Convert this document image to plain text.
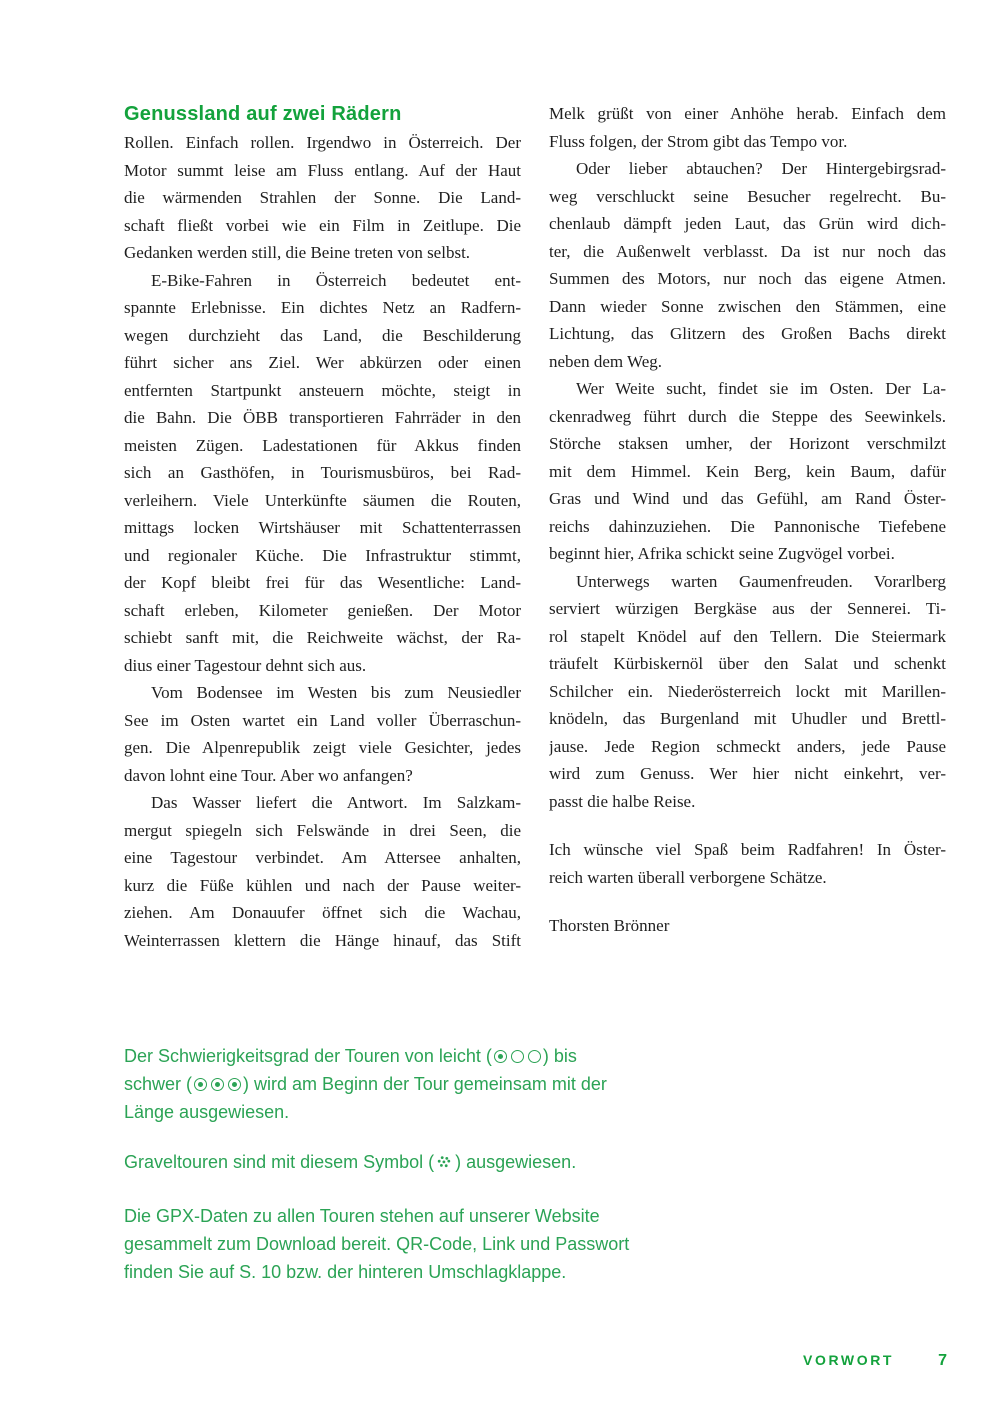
Genussland auf zwei Rädern
Rollen. Einfach rollen. Irgendwo in Österreich. Der
Motor summt leise am Fluss entlang. Auf der Haut
die wärmenden Strahlen der Sonne. Die Land-
schaft fließt vorbei wie ein Film in Zeitlupe. Die
Gedanken werden still, die Beine treten von selbst.
E-Bike-Fahren in Österreich bedeutet ent-
spannte Erlebnisse. Ein dichtes Netz an Radfern-
wegen durchzieht das Land, die Beschilderung
führt sicher ans Ziel. Wer abkürzen oder einen
entfernten Startpunkt ansteuern möchte, steigt in
die Bahn. Die ÖBB transportieren Fahrräder in den
meisten Zügen. Ladestationen für Akkus finden
sich an Gasthöfen, in Tourismusbüros, bei Rad-
verleihern. Viele Unterkünfte säumen die Routen,
mittags locken Wirtshäuser mit Schattenterrassen
und regionaler Küche. Die Infrastruktur stimmt,
der Kopf bleibt frei für das Wesentliche: Land-
schaft erleben, Kilometer genießen. Der Motor
schiebt sanft mit, die Reichweite wächst, der Ra-
dius einer Tagestour dehnt sich aus.
Vom Bodensee im Westen bis zum Neusiedler
See im Osten wartet ein Land voller Überraschun-
gen. Die Alpenrepublik zeigt viele Gesichter, jedes
davon lohnt eine Tour. Aber wo anfangen?
Das Wasser liefert die Antwort. Im Salzkam-
mergut spiegeln sich Felswände in drei Seen, die
eine Tagestour verbindet. Am Attersee anhalten,
kurz die Füße kühlen und nach der Pause weiter-
ziehen. Am Donauufer öffnet sich die Wachau,
Weinterrassen klettern die Hänge hinauf, das Stift
Melk grüßt von einer Anhöhe herab. Einfach dem
Fluss folgen, der Strom gibt das Tempo vor.
Oder lieber abtauchen? Der Hintergebirgsrad-
weg verschluckt seine Besucher regelrecht. Bu-
chenlaub dämpft jeden Laut, das Grün wird dich-
ter, die Außenwelt verblasst. Da ist nur noch das
Summen des Motors, nur noch das eigene Atmen.
Dann wieder Sonne zwischen den Stämmen, eine
Lichtung, das Glitzern des Großen Bachs direkt
neben dem Weg.
Wer Weite sucht, findet sie im Osten. Der La-
ckenradweg führt durch die Steppe des Seewinkels.
Störche staksen umher, der Horizont verschmilzt
mit dem Himmel. Kein Berg, kein Baum, dafür
Gras und Wind und das Gefühl, am Rand Öster-
reichs dahinzuziehen. Die Pannonische Tiefebene
beginnt hier, Afrika schickt seine Zugvögel vorbei.
Unterwegs warten Gaumenfreuden. Vorarlberg
serviert würzigen Bergkäse aus der Sennerei. Ti-
rol stapelt Knödel auf den Tellern. Die Steiermark
träufelt Kürbiskernöl über den Salat und schenkt
Schilcher ein. Niederösterreich lockt mit Marillen-
knödeln, das Burgenland mit Uhudler und Brettl-
jause. Jede Region schmeckt anders, jede Pause
wird zum Genuss. Wer hier nicht einkehrt, ver-
passt die halbe Reise.
Ich wünsche viel Spaß beim Radfahren! In Öster-
reich warten überall verborgene Schätze.
Thorsten Brönner
Der Schwierigkeitsgrad der Touren von leicht (	) bis
schwer (	) wird am Beginn der Tour gemeinsam mit der
Länge ausgewiesen.
Graveltouren sind mit diesem Symbol ( ) ausgewiesen.
Die GPX-Daten zu allen Touren stehen auf unserer Website
gesammelt zum Download bereit. QR-Code, Link und Passwort
finden Sie auf S. 10 bzw. der hinteren Umschlagklappe.
VORWORT	7
